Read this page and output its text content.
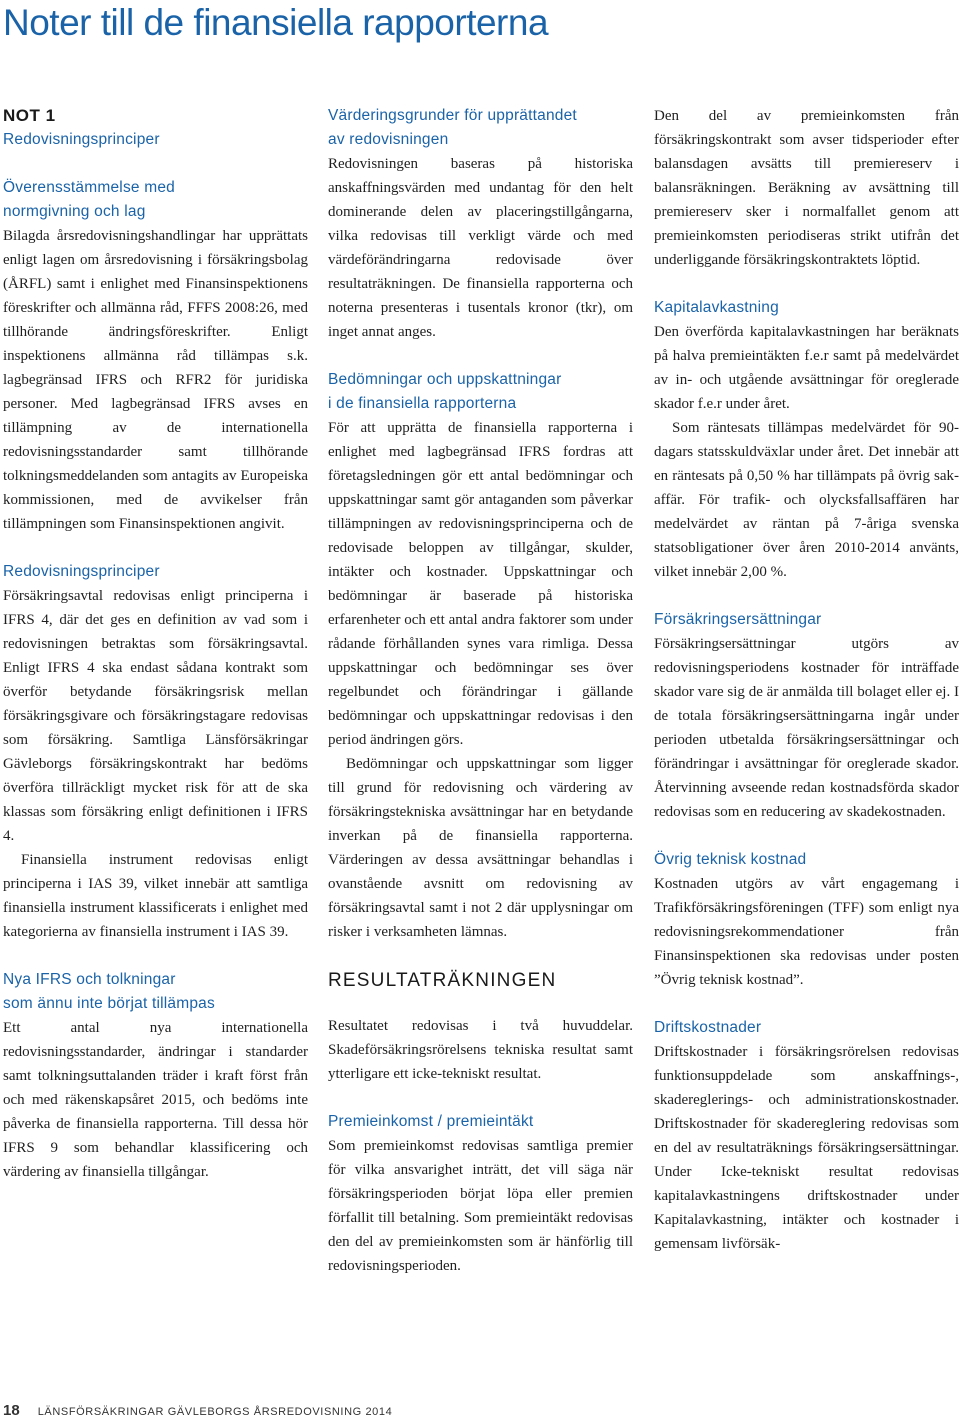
Noter till de finansiella rapporterna

NOT 1

Redovisningsprinciper

Överensstämmelse med
normgivning och lag

Bilagda årsredovisningshandlingar har upprättats enligt lagen om årsredovisning i försäkringsbolag (ÅRFL) samt i enlighet med Finansinspektionens föreskrifter och allmänna råd, FFFS 2008:26, med tillhörande ändringsföreskrifter. Enligt inspektionens allmänna råd tillämpas s.k. lagbegränsad IFRS och RFR2 för juridiska personer. Med lagbegränsad IFRS avses en tillämpning av de internationella redovisningsstandarder samt tillhörande tolkningsmeddelanden som antagits av Europeiska kommissionen, med de avvikelser från tillämpningen som Finansinspektionen angivit.

Redovisningsprinciper

Försäkringsavtal redovisas enligt principerna i IFRS 4, där det ges en definition av vad som i redovisningen betraktas som försäkringsavtal. Enligt IFRS 4 ska endast sådana kontrakt som överför betydande försäkringsrisk mellan försäkringsgivare och försäkringstagare redovisas som försäkring. Samtliga Länsförsäkringar Gävleborgs försäkringskontrakt har bedöms överföra tillräckligt mycket risk för att de ska klassas som försäkring enligt definitionen i IFRS 4.

Finansiella instrument redovisas enligt principerna i IAS 39, vilket innebär att samtliga finansiella instrument klassificerats i enlighet med kategorierna av finansiella instrument i IAS 39.

Nya IFRS och tolkningar
som ännu inte börjat tillämpas

Ett antal nya internationella redovisningsstandarder, ändringar i standarder samt tolkningsuttalanden träder i kraft först från och med räkenskapsåret 2015, och bedöms inte påverka de finansiella rapporterna. Till dessa hör IFRS 9 som behandlar klassificering och värdering av finansiella tillgångar.

Värderingsgrunder för upprättandet
av redovisningen

Redovisningen baseras på historiska anskaffningsvärden med undantag för den helt dominerande delen av placeringstillgångarna, vilka redovisas till verkligt värde och med värdeförändringarna redovisade över resultaträkningen. De finansiella rapporterna och noterna presenteras i tusentals kronor (tkr), om inget annat anges.

Bedömningar och uppskattningar
i de finansiella rapporterna

För att upprätta de finansiella rapporterna i enlighet med lagbegränsad IFRS fordras att företagsledningen gör ett antal bedömningar och uppskattningar samt gör antaganden som påverkar tillämpningen av redovisningsprinciperna och de redovisade beloppen av tillgångar, skulder, intäkter och kostnader. Uppskattningar och bedömningar är baserade på historiska erfarenheter och ett antal andra faktorer som under rådande förhållanden synes vara rimliga. Dessa uppskattningar och bedömningar ses över regelbundet och förändringar i gällande bedömningar och uppskattningar redovisas i den period ändringen görs.

Bedömningar och uppskattningar som ligger till grund för redovisning och värdering av försäkringstekniska avsättningar har en betydande inverkan på de finansiella rapporterna. Värderingen av dessa avsättningar behandlas i ovanstående avsnitt om redovisning av försäkringsavtal samt i not 2 där upplysningar om risker i verksamheten lämnas.

RESULTATRÄKNINGEN

Resultatet redovisas i två huvuddelar. Skadeförsäkringsrörelsens tekniska resultat samt ytterligare ett icke-tekniskt resultat.

Premieinkomst / premieintäkt

Som premieinkomst redovisas samtliga premier för vilka ansvarighet inträtt, det vill säga när försäkringsperioden börjat löpa eller premien förfallit till betalning. Som premieintäkt redovisas den del av premieinkomsten som är hänförlig till redovisningsperioden.

Den del av premieinkomsten från försäkringskontrakt som avser tidsperioder efter balansdagen avsätts till premiereserv i balansräkningen. Beräkning av avsättning till premiereserv sker i normalfallet genom att premieinkomsten periodiseras strikt utifrån det underliggande försäkringskontraktets löptid.

Kapitalavkastning

Den överförda kapitalavkastningen har beräknats på halva premieintäkten f.e.r samt på medelvärdet av in- och utgående avsättningar för oreglerade skador f.e.r under året.

Som räntesats tillämpas medelvärdet för 90-dagars statsskuldväxlar under året. Det innebär att en räntesats på 0,50 % har tillämpats på övrig sak-affär. För trafik- och olycksfallsaffären har medelvärdet av räntan på 7-åriga svenska statsobligationer över åren 2010-2014 använts, vilket innebär 2,00 %.

Försäkringsersättningar

Försäkringsersättningar utgörs av redovisningsperiodens kostnader för inträffade skador vare sig de är anmälda till bolaget eller ej. I de totala försäkringsersättningarna ingår under perioden utbetalda försäkringsersättningar och förändringar i avsättningar för oreglerade skador. Återvinning avseende redan kostnadsförda skador redovisas som en reducering av skadekostnaden.

Övrig teknisk kostnad

Kostnaden utgörs av vårt engagemang i Trafikförsäkringsföreningen (TFF) som enligt nya redovisningsrekommendationer från Finansinspektionen ska redovisas under posten ”Övrig teknisk kostnad”.

Driftskostnader

Driftskostnader i försäkringsrörelsen redovisas funktionsuppdelade som anskaffnings-, skadereglerings- och administrationskostnader. Driftskostnader för skadereglering redovisas som en del av resultaträknings försäkringsersättningar. Under Icke-tekniskt resultat redovisas kapitalavkastningens driftskostnader under Kapitalavkastning, intäkter och kostnader i gemensam livförsäk-

18 LÄNSFÖRSÄKRINGAR GÄVLEBORGS ÅRSREDOVISNING 2014
